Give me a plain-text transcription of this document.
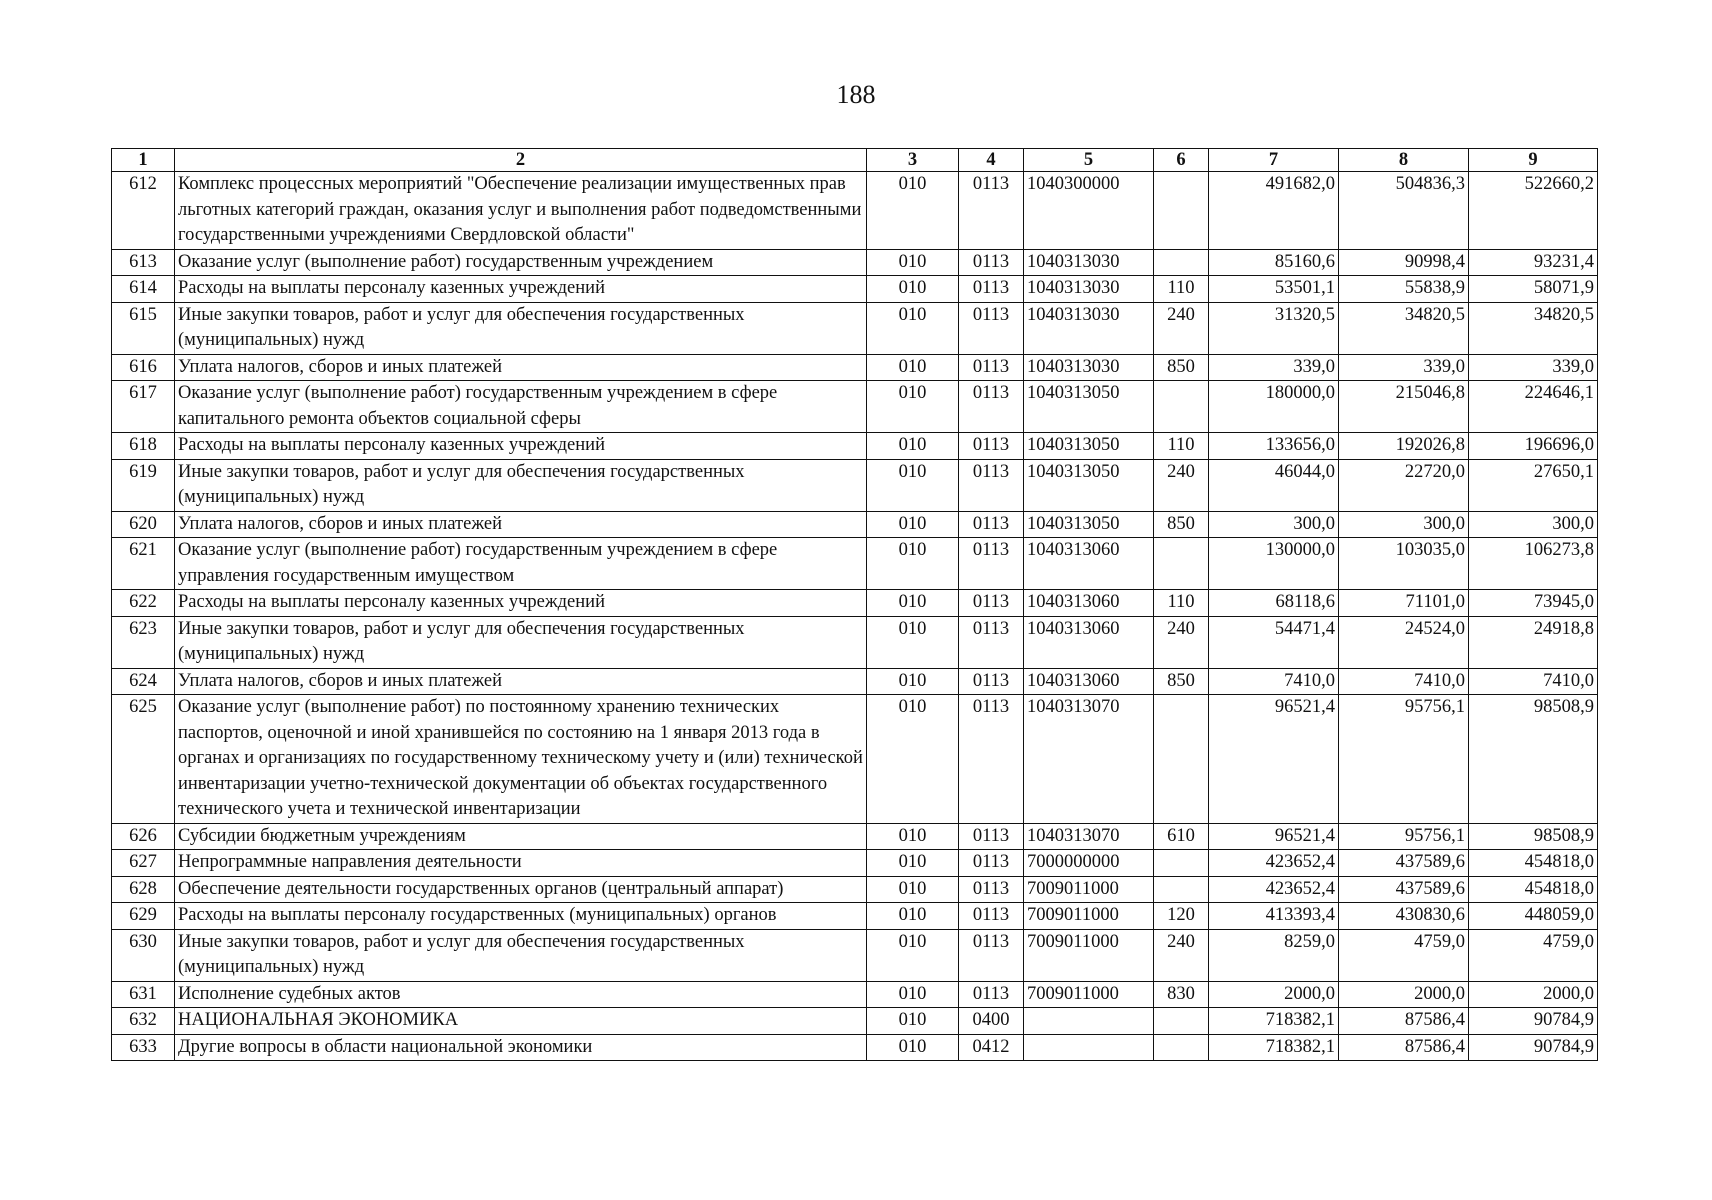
188
1	2	3	4	5	6	7	8	9
612	Комплекс процессных мероприятий "Обеспечение реализации имущественных прав льготных категорий граждан, оказания услуг и выполнения работ подведомственными государственными учреждениями Свердловской области"	010	0113	1040300000		491682,0	504836,3	522660,2
613	Оказание услуг (выполнение работ) государственным учреждением	010	0113	1040313030		85160,6	90998,4	93231,4
614	Расходы на выплаты персоналу казенных учреждений	010	0113	1040313030	110	53501,1	55838,9	58071,9
615	Иные закупки товаров, работ и услуг для обеспечения государственных (муниципальных) нужд	010	0113	1040313030	240	31320,5	34820,5	34820,5
616	Уплата налогов, сборов и иных платежей	010	0113	1040313030	850	339,0	339,0	339,0
617	Оказание услуг (выполнение работ) государственным учреждением в сфере капитального ремонта объектов социальной сферы	010	0113	1040313050		180000,0	215046,8	224646,1
618	Расходы на выплаты персоналу казенных учреждений	010	0113	1040313050	110	133656,0	192026,8	196696,0
619	Иные закупки товаров, работ и услуг для обеспечения государственных (муниципальных) нужд	010	0113	1040313050	240	46044,0	22720,0	27650,1
620	Уплата налогов, сборов и иных платежей	010	0113	1040313050	850	300,0	300,0	300,0
621	Оказание услуг (выполнение работ) государственным учреждением в сфере управления государственным имуществом	010	0113	1040313060		130000,0	103035,0	106273,8
622	Расходы на выплаты персоналу казенных учреждений	010	0113	1040313060	110	68118,6	71101,0	73945,0
623	Иные закупки товаров, работ и услуг для обеспечения государственных (муниципальных) нужд	010	0113	1040313060	240	54471,4	24524,0	24918,8
624	Уплата налогов, сборов и иных платежей	010	0113	1040313060	850	7410,0	7410,0	7410,0
625	Оказание услуг (выполнение работ) по постоянному хранению технических паспортов, оценочной и иной хранившейся по состоянию на 1 января 2013 года в органах и организациях по государственному техническому учету и (или) технической инвентаризации учетно-технической документации об объектах государственного технического учета и технической инвентаризации	010	0113	1040313070		96521,4	95756,1	98508,9
626	Субсидии бюджетным учреждениям	010	0113	1040313070	610	96521,4	95756,1	98508,9
627	Непрограммные направления деятельности	010	0113	7000000000		423652,4	437589,6	454818,0
628	Обеспечение деятельности государственных органов (центральный аппарат)	010	0113	7009011000		423652,4	437589,6	454818,0
629	Расходы на выплаты персоналу государственных (муниципальных) органов	010	0113	7009011000	120	413393,4	430830,6	448059,0
630	Иные закупки товаров, работ и услуг для обеспечения государственных (муниципальных) нужд	010	0113	7009011000	240	8259,0	4759,0	4759,0
631	Исполнение судебных актов	010	0113	7009011000	830	2000,0	2000,0	2000,0
632	НАЦИОНАЛЬНАЯ ЭКОНОМИКА	010	0400			718382,1	87586,4	90784,9
633	Другие вопросы в области национальной экономики	010	0412			718382,1	87586,4	90784,9
